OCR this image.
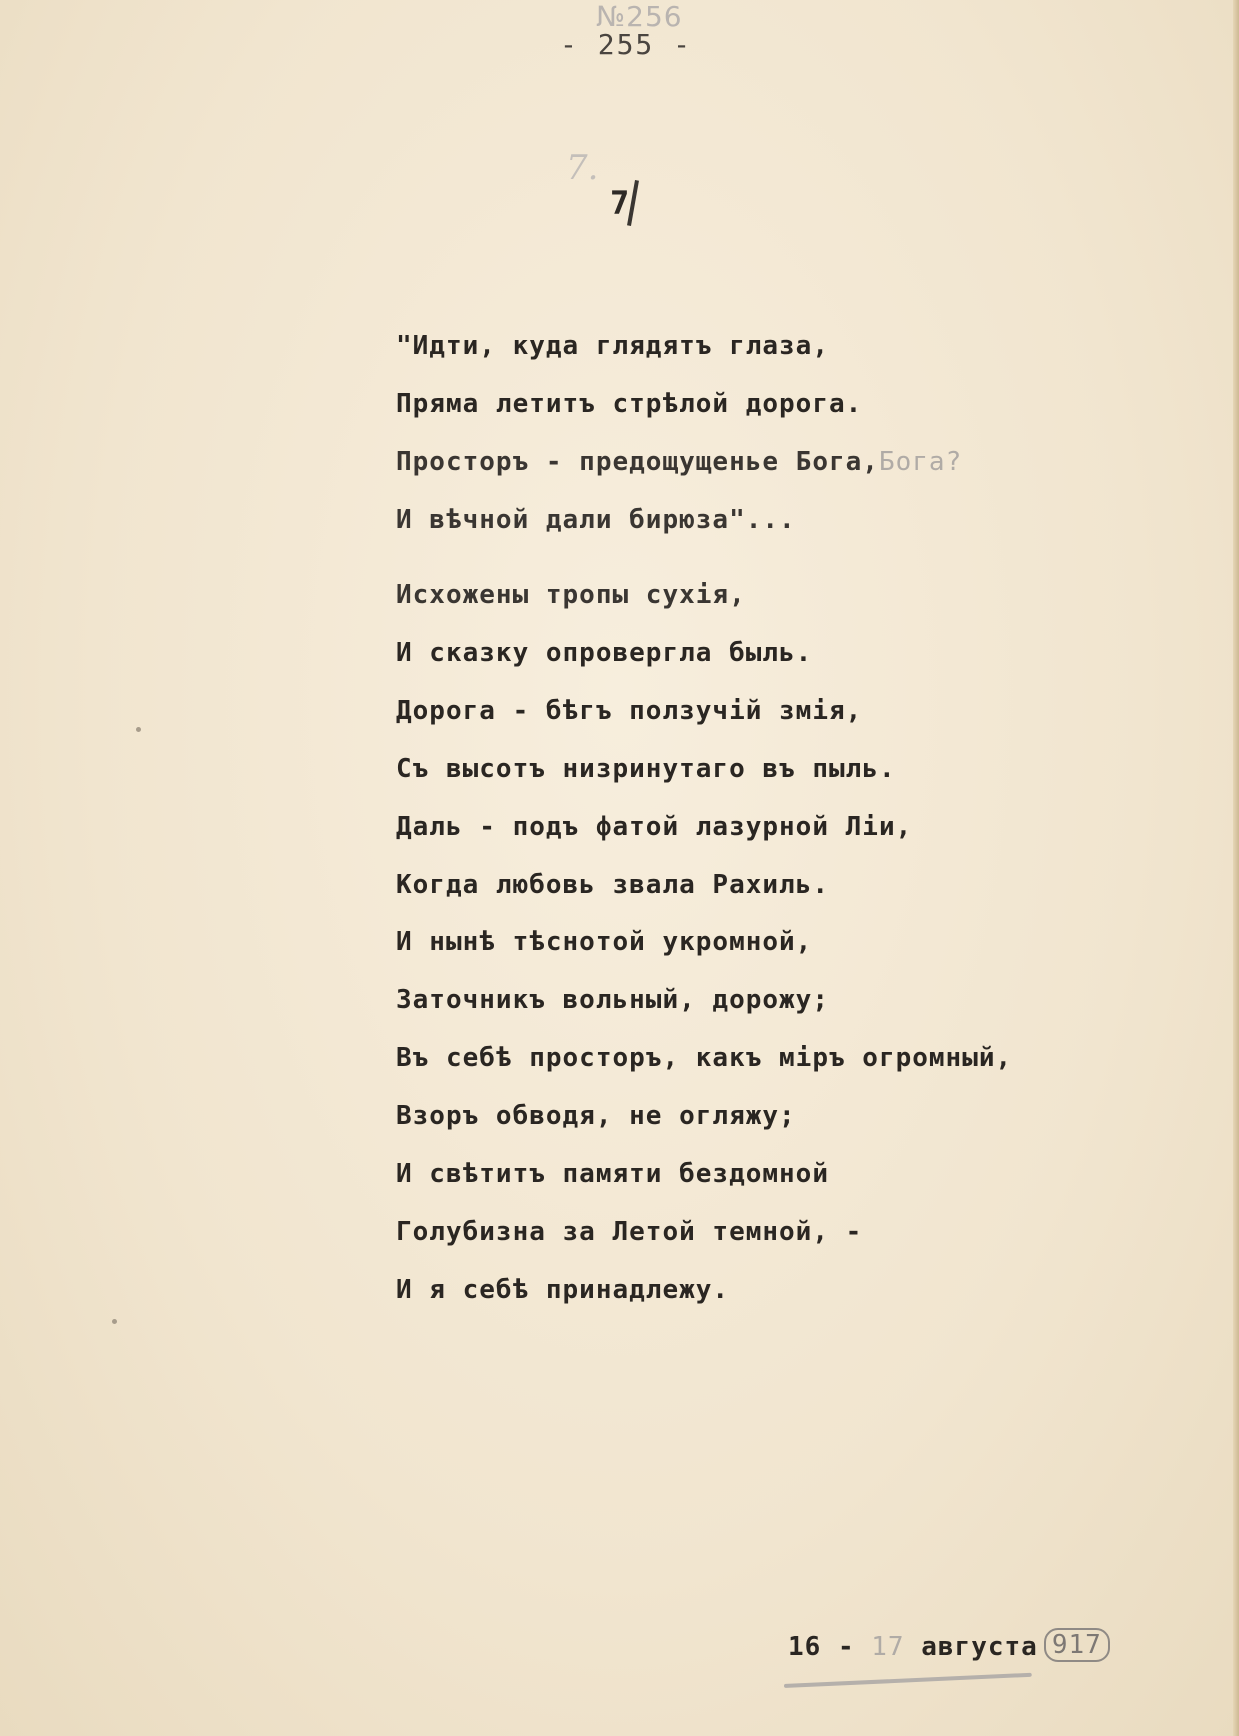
№256
- 255 -
7.
7
"Идти, куда глядятъ глаза,
Пряма летитъ стрѣлой дорога.
Просторъ - предощущенье Бога,Бога?
И вѣчной дали бирюза"...
Исхожены тропы сухія,
И сказку опровергла быль.
Дорога - бѣгъ ползучій змія,
Съ высотъ низринутаго въ пыль.
Даль - подъ фатой лазурной Ліи,
Когда любовь звала Рахиль.
И нынѣ тѣснотой укромной,
Заточникъ вольный, дорожу;
Въ себѣ просторъ, какъ міръ огромный,
Взоръ обводя, не огляжу;
И свѣтитъ памяти бездомной
Голубизна за Летой темной, -
И я себѣ принадлежу.
16 - 17 августа 917
